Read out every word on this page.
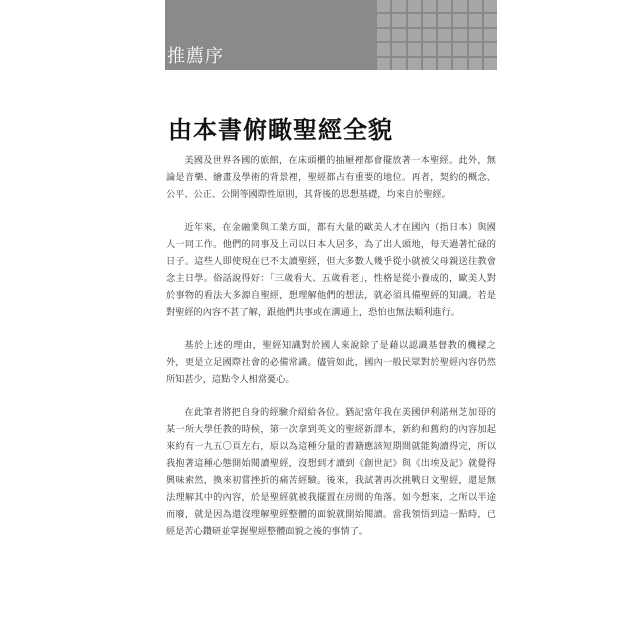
推薦序
由本書俯瞰聖經全貌

美國及世界各國的旅館，在床頭櫃的抽屜裡都會擺放著一本聖經。此外，無論是音樂、繪畫及學術的背景裡，聖經都占有重要的地位。再者，契約的概念、公平、公正、公開等國際性原則，其背後的思想基礎，均來自於聖經。

近年來，在金融業與工業方面，都有大量的歐美人才在國內（指日本）與國人一同工作。他們的同事及上司以日本人居多，為了出人頭地，每天過著忙碌的日子。這些人即使現在已不太讀聖經，但大多數人幾乎從小就被父母親送往教會念主日學。俗話說得好：「三歲看大、五歲看老」，性格是從小養成的，歐美人對於事物的看法大多源自聖經，想理解他們的想法，就必須具備聖經的知識。若是對聖經的內容不甚了解，跟他們共事或在溝通上，恐怕也無法順利進行。

基於上述的理由，聖經知識對於國人來說除了是藉以認識基督教的機樑之外，更是立足國際社會的必備常識。儘管如此，國內一般民眾對於聖經內容仍然所知甚少，這點令人相當憂心。

在此筆者將把自身的經驗介紹給各位。猶記當年我在美國伊利諾州芝加哥的某一所大學任教的時候，第一次拿到英文的聖經新譯本，新約和舊約的內容加起來約有一九五〇頁左右，原以為這種分量的書籍應該短期間就能夠讀得完，所以我抱著這種心態開始閱讀聖經，沒想到才讀到《創世記》與《出埃及記》就覺得興味索然，換來初嘗挫折的痛苦經驗。後來，我試著再次挑戰日文聖經，還是無法理解其中的內容，於是聖經就被我擺置在房間的角落。如今想來，之所以半途而廢，就是因為還沒理解聖經整體的面貌就開始閱讀。當我領悟到這一點時，已經是苦心鑽研並掌握聖經整體面貌之後的事情了。
